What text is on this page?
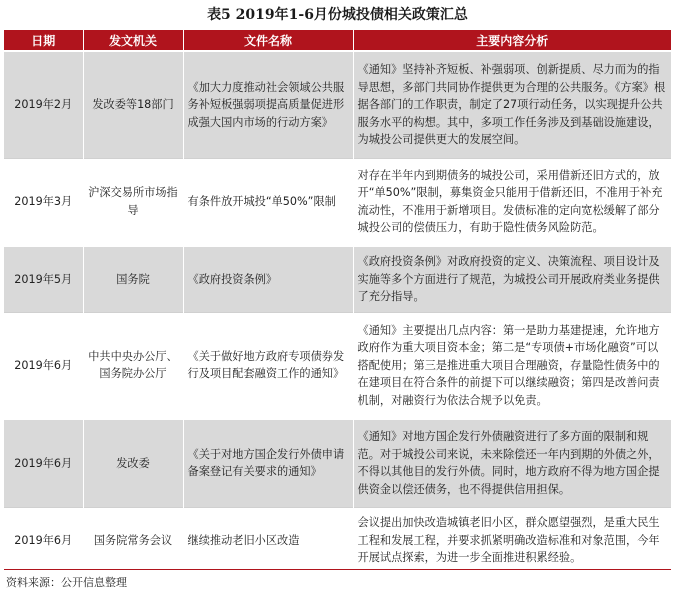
表5 2019年1-6月份城投债相关政策汇总
日期	发文机关	文件名称	主要内容分析
2019年2月	发改委等18部门	《加大力度推动社会领域公共服务补短板强弱项提高质量促进形成强大国内市场的行动方案》	《通知》坚持补齐短板、补强弱项、创新提质、尽力而为的指导思想，多部门共同协作提供更为合理的公共服务。《方案》根据各部门的工作职责，制定了27项行动任务，以实现提升公共服务水平的构想。其中，多项工作任务涉及到基础设施建设，为城投公司提供更大的发展空间。
2019年3月	沪深交易所市场指导	有条件放开城投“单50%”限制	对存在半年内到期债务的城投公司，采用借新还旧方式的，放开“单50%”限制，募集资金只能用于借新还旧，不准用于补充流动性，不准用于新增项目。发债标准的定向宽松缓解了部分城投公司的偿债压力，有助于隐性债务风险防范。
2019年5月	国务院	《政府投资条例》	《政府投资条例》对政府投资的定义、决策流程、项目设计及实施等多个方面进行了规范，为城投公司开展政府类业务提供了充分指导。
2019年6月	中共中央办公厅、国务院办公厅	《关于做好地方政府专项债券发行及项目配套融资工作的通知》	《通知》主要提出几点内容：第一是助力基建提速，允许地方政府作为重大项目资本金；第二是“专项债+市场化融资”可以搭配使用；第三是推进重大项目合理融资，存量隐性债务中的在建项目在符合条件的前提下可以继续融资；第四是改善问责机制，对融资行为依法合规予以免责。
2019年6月	发改委	《关于对地方国企发行外债申请备案登记有关要求的通知》	《通知》对地方国企发行外债融资进行了多方面的限制和规范。对于城投公司来说，未来除偿还一年内到期的外债之外，不得以其他目的发行外债。同时，地方政府不得为地方国企提供资金以偿还债务，也不得提供信用担保。
2019年6月	国务院常务会议	继续推动老旧小区改造	会议提出加快改造城镇老旧小区，群众愿望强烈，是重大民生工程和发展工程，并要求抓紧明确改造标准和对象范围，今年开展试点探索，为进一步全面推进积累经验。
资料来源：公开信息整理
